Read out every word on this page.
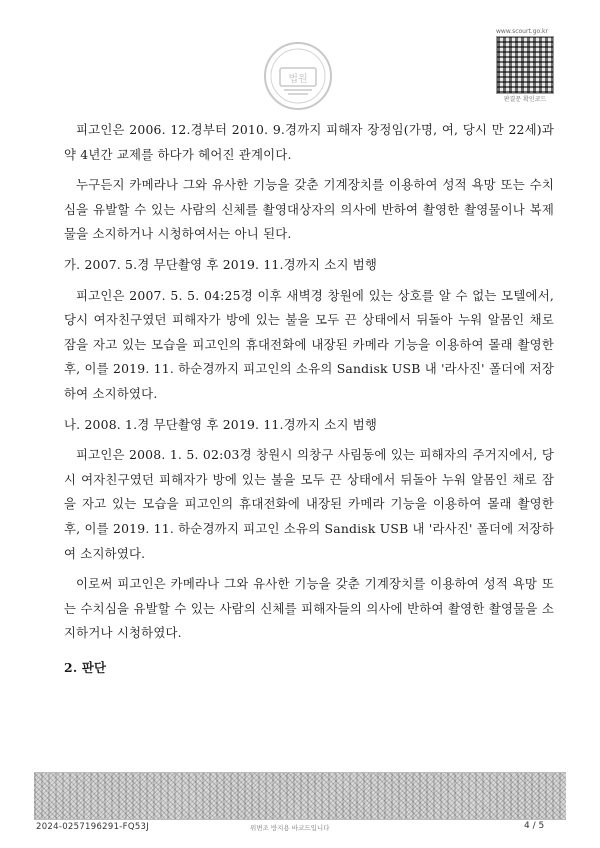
법원
www.scourt.go.kr
판결문 확인코드

피고인은 2006. 12.경부터 2010. 9.경까지 피해자 장정임(가명, 여, 당시 만 22세)과 약 4년간 교제를 하다가 헤어진 관계이다.

누구든지 카메라나 그와 유사한 기능을 갖춘 기계장치를 이용하여 성적 욕망 또는 수치심을 유발할 수 있는 사람의 신체를 촬영대상자의 의사에 반하여 촬영한 촬영물이나 복제물을 소지하거나 시청하여서는 아니 된다.

가. 2007. 5.경 무단촬영 후 2019. 11.경까지 소지 범행

피고인은 2007. 5. 5. 04:25경 이후 새벽경 창원에 있는 상호를 알 수 없는 모텔에서, 당시 여자친구였던 피해자가 방에 있는 불을 모두 끈 상태에서 뒤돌아 누워 알몸인 채로 잠을 자고 있는 모습을 피고인의 휴대전화에 내장된 카메라 기능을 이용하여 몰래 촬영한 후, 이를 2019. 11. 하순경까지 피고인의 소유의 Sandisk USB 내 '라사진' 폴더에 저장하여 소지하였다.

나. 2008. 1.경 무단촬영 후 2019. 11.경까지 소지 범행

피고인은 2008. 1. 5. 02:03경 창원시 의창구 사림동에 있는 피해자의 주거지에서, 당시 여자친구였던 피해자가 방에 있는 불을 모두 끈 상태에서 뒤돌아 누워 알몸인 채로 잠을 자고 있는 모습을 피고인의 휴대전화에 내장된 카메라 기능을 이용하여 몰래 촬영한 후, 이를 2019. 11. 하순경까지 피고인 소유의 Sandisk USB 내 '라사진' 폴더에 저장하여 소지하였다.

이로써 피고인은 카메라나 그와 유사한 기능을 갖춘 기계장치를 이용하여 성적 욕망 또는 수치심을 유발할 수 있는 사람의 신체를 피해자들의 의사에 반하여 촬영한 촬영물을 소지하거나 시청하였다.

2. 판단

2024-0257196291-FQ53J	위변조 방지용 바코드입니다	4 / 5
